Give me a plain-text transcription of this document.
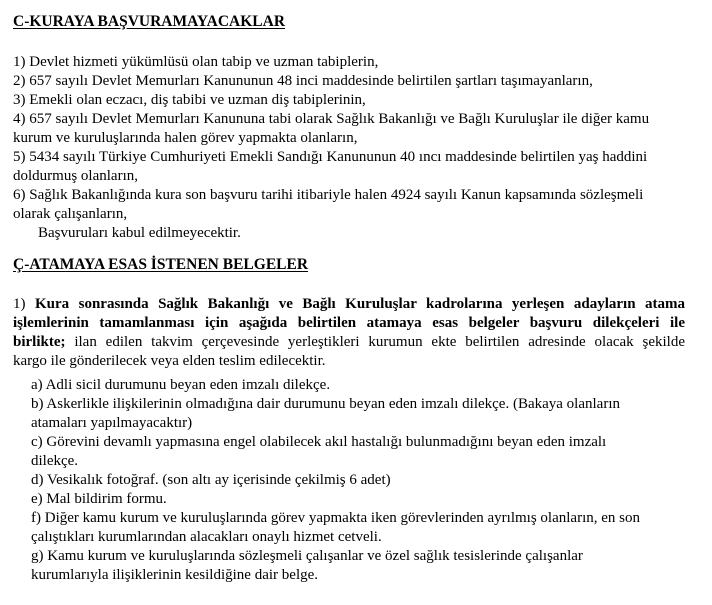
C-KURAYA BAŞVURAMAYACAKLAR
1) Devlet hizmeti yükümlüsü olan tabip ve uzman tabiplerin,
2) 657 sayılı Devlet Memurları Kanununun 48 inci maddesinde belirtilen şartları taşımayanların,
3) Emekli olan eczacı, diş tabibi ve uzman diş tabiplerinin,
4) 657 sayılı Devlet Memurları Kanununa tabi olarak Sağlık Bakanlığı ve Bağlı Kuruluşlar ile diğer kamu
kurum ve kuruluşlarında halen görev yapmakta olanların,
5) 5434 sayılı Türkiye Cumhuriyeti Emekli Sandığı Kanununun 40 ıncı maddesinde belirtilen yaş haddini
doldurmuş olanların,
6) Sağlık Bakanlığında kura son başvuru tarihi itibariyle halen 4924 sayılı Kanun kapsamında sözleşmeli
olarak çalışanların,
Başvuruları kabul edilmeyecektir.
Ç-ATAMAYA ESAS İSTENEN BELGELER
1) Kura sonrasında Sağlık Bakanlığı ve Bağlı Kuruluşlar kadrolarına yerleşen adayların atama
işlemlerinin tamamlanması için aşağıda belirtilen atamaya esas belgeler başvuru dilekçeleri ile
birlikte; ilan edilen takvim çerçevesinde yerleştikleri kurumun ekte belirtilen adresinde olacak şekilde
kargo ile gönderilecek veya elden teslim edilecektir.
a) Adli sicil durumunu beyan eden imzalı dilekçe.
b) Askerlikle ilişkilerinin olmadığına dair durumunu beyan eden imzalı dilekçe. (Bakaya olanların
atamaları yapılmayacaktır)
c) Görevini devamlı yapmasına engel olabilecek akıl hastalığı bulunmadığını beyan eden imzalı
dilekçe.
d) Vesikalık fotoğraf. (son altı ay içerisinde çekilmiş 6 adet)
e) Mal bildirim formu.
f) Diğer kamu kurum ve kuruluşlarında görev yapmakta iken görevlerinden ayrılmış olanların, en son
çalıştıkları kurumlarından alacakları onaylı hizmet cetveli.
g) Kamu kurum ve kuruluşlarında sözleşmeli çalışanlar ve özel sağlık tesislerinde çalışanlar
kurumlarıyla ilişiklerinin kesildiğine dair belge.
